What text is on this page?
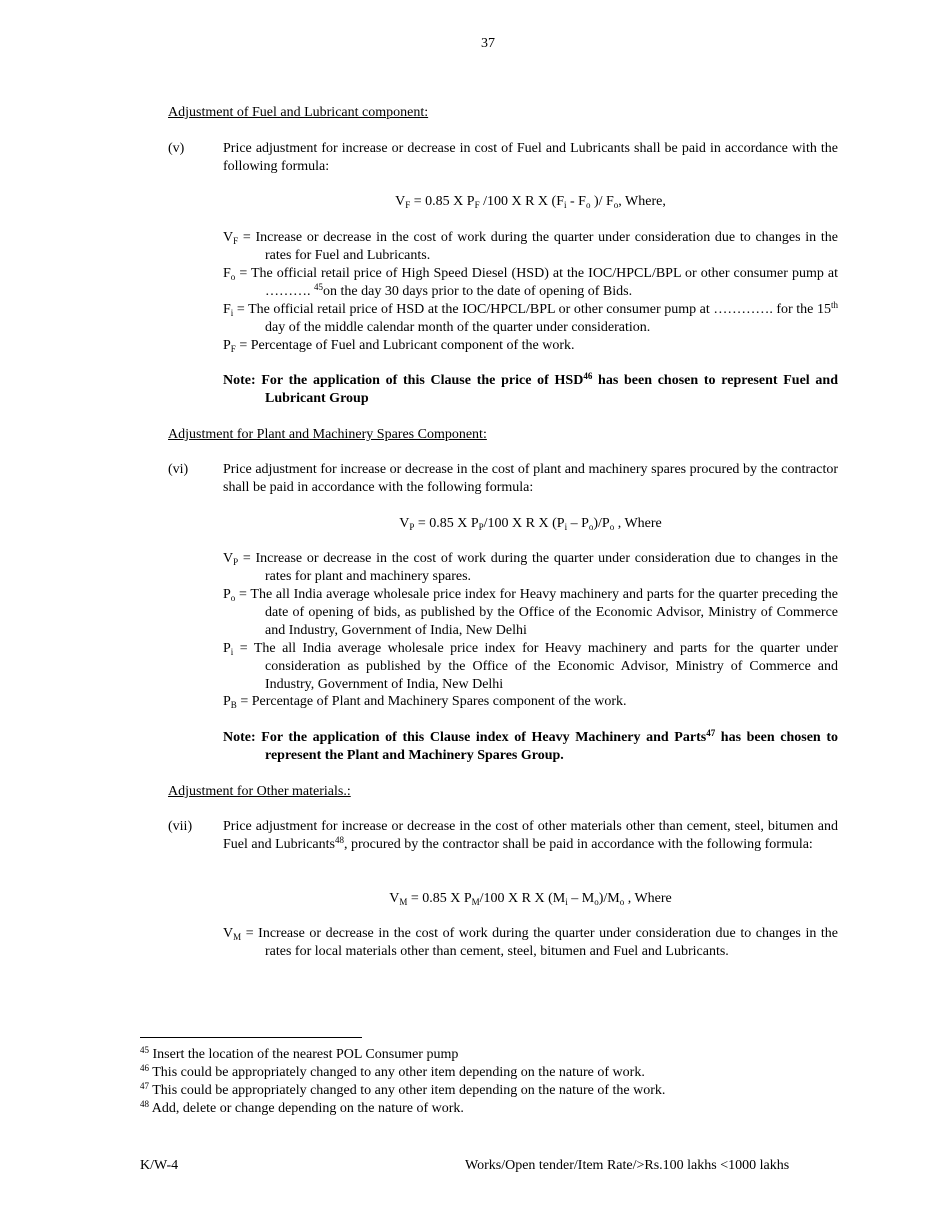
37
Adjustment of Fuel and Lubricant component:
(v)	Price adjustment for increase or decrease in cost of Fuel and Lubricants shall be paid in accordance with the following formula:
$V_F = 0.85$ X $P_F$ /100 X R X ($F_i - F_o$ )/ $F_o$, Where,
$V_F$ = Increase or decrease in the cost of work during the quarter under consideration due to changes in the rates for Fuel and Lubricants.
$F_o$ = The official retail price of High Speed Diesel (HSD) at the IOC/HPCL/BPL or other consumer pump at ………. $^{45}$on the day 30 days prior to the date of opening of Bids.
$F_i$ = The official retail price of HSD at the IOC/HPCL/BPL or other consumer pump at …………. for the 15th day of the middle calendar month of the quarter under consideration.
$P_F$ = Percentage of Fuel and Lubricant component of the work.
Note: For the application of this Clause the price of HSD$^{46}$ has been chosen to represent Fuel and Lubricant Group
Adjustment for Plant and Machinery Spares Component:
(vi) Price adjustment for increase or decrease in the cost of plant and machinery spares procured by the contractor shall be paid in accordance with the following formula:
$V_P = 0.85$ X $P_P/100$ X R X $(P_i - P_o)/P_o$ , Where
$V_P$ = Increase or decrease in the cost of work during the quarter under consideration due to changes in the rates for plant and machinery spares.
$P_o$ = The all India average wholesale price index for Heavy machinery and parts for the quarter preceding the date of opening of bids, as published by the Office of the Economic Advisor, Ministry of Commerce and Industry, Government of India, New Delhi
$P_i$ = The all India average wholesale price index for Heavy machinery and parts for the quarter under consideration as published by the Office of the Economic Advisor, Ministry of Commerce and Industry, Government of India, New Delhi
$P_B$ = Percentage of Plant and Machinery Spares component of the work.
Note: For the application of this Clause index of Heavy Machinery and Parts$^{47}$ has been chosen to represent the Plant and Machinery Spares Group.
Adjustment for Other materials.:
(vii) Price adjustment for increase or decrease in the cost of other materials other than cement, steel, bitumen and Fuel and Lubricants$^{48}$, procured by the contractor shall be paid in accordance with the following formula:
$V_M = 0.85$ X $P_M/100$ X R X $(M_i - M_o)/M_o$ , Where
$V_M$ = Increase or decrease in the cost of work during the quarter under consideration due to changes in the rates for local materials other than cement, steel, bitumen and Fuel and Lubricants.
$^{45}$ Insert the location of the nearest POL Consumer pump
$^{46}$ This could be appropriately changed to any other item depending on the nature of work.
$^{47}$ This could be appropriately changed to any other item depending on the nature of the work.
$^{48}$ Add, delete or change depending on the nature of work.
K/W-4	Works/Open tender/Item Rate/>Rs.100 lakhs <1000 lakhs
